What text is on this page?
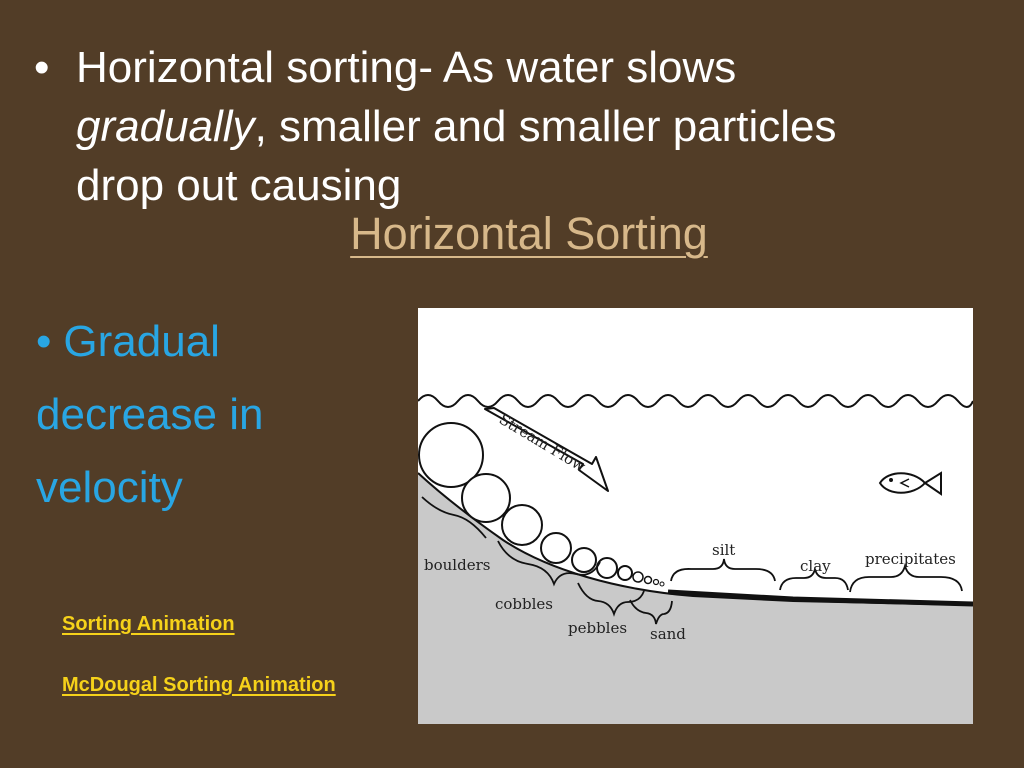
• Horizontal sorting- As water slows gradually, smaller and smaller particles drop out causing
Horizontal Sorting
• Gradual decrease in velocity
Sorting Animation
McDougal Sorting Animation
Stream Flow
boulders
cobbles
pebbles sand
silt
clay precipitates
